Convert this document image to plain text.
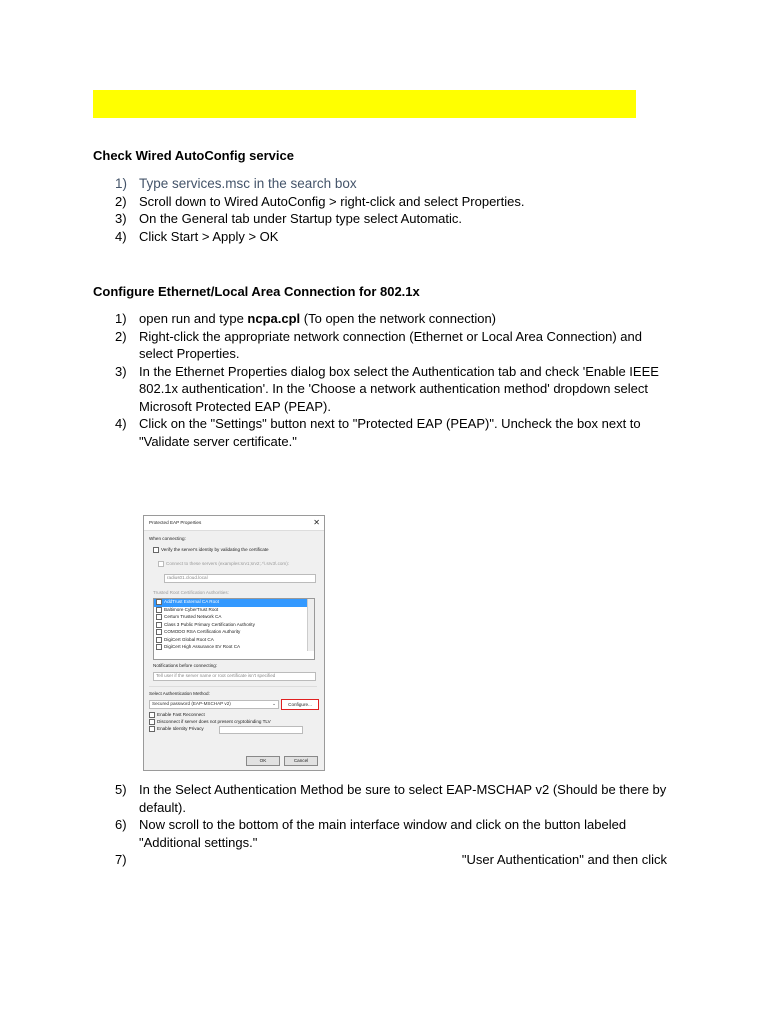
Check Wired AutoConfig service
1) Type services.msc in the search box
2) Scroll down to Wired AutoConfig > right-click and select Properties.
3) On the General tab under Startup type select Automatic.
4) Click Start > Apply > OK
Configure Ethernet/Local Area Connection for 802.1x
1) open run and type ncpa.cpl (To open the network connection)
2) Right-click the appropriate network connection (Ethernet or Local Area Connection) and select Properties.
3) In the Ethernet Properties dialog box select the Authentication tab and check 'Enable IEEE 802.1x authentication'. In the 'Choose a network authentication method' dropdown select Microsoft Protected EAP (PEAP).
4) Click on the "Settings" button next to "Protected EAP (PEAP)". Uncheck the box next to "Validate server certificate."
Protected EAP Properties	✕
When connecting:
Verify the server's identity by validating the certificate
Connect to these servers (examples:srv1;srv2;.*\.srv3\.com):
radius01.cloud.local
Trusted Root Certification Authorities:
AddTrust External CA Root
Baltimore CyberTrust Root
Certum Trusted Network CA
Class 3 Public Primary Certification Authority
COMODO RSA Certification Authority
DigiCert Global Root CA
DigiCert High Assurance EV Root CA
Notifications before connecting:
Tell user if the server name or root certificate isn't specified
Select Authentication Method:
Secured password (EAP-MSCHAP v2)	⌄	Configure...
Enable Fast Reconnect
Disconnect if server does not present cryptobinding TLV
Enable Identity Privacy
OK	Cancel
5) In the Select Authentication Method be sure to select EAP-MSCHAP v2 (Should be there by default).
6) Now scroll to the bottom of the main interface window and click on the button labeled "Additional settings."
7)	"User Authentication" and then click
